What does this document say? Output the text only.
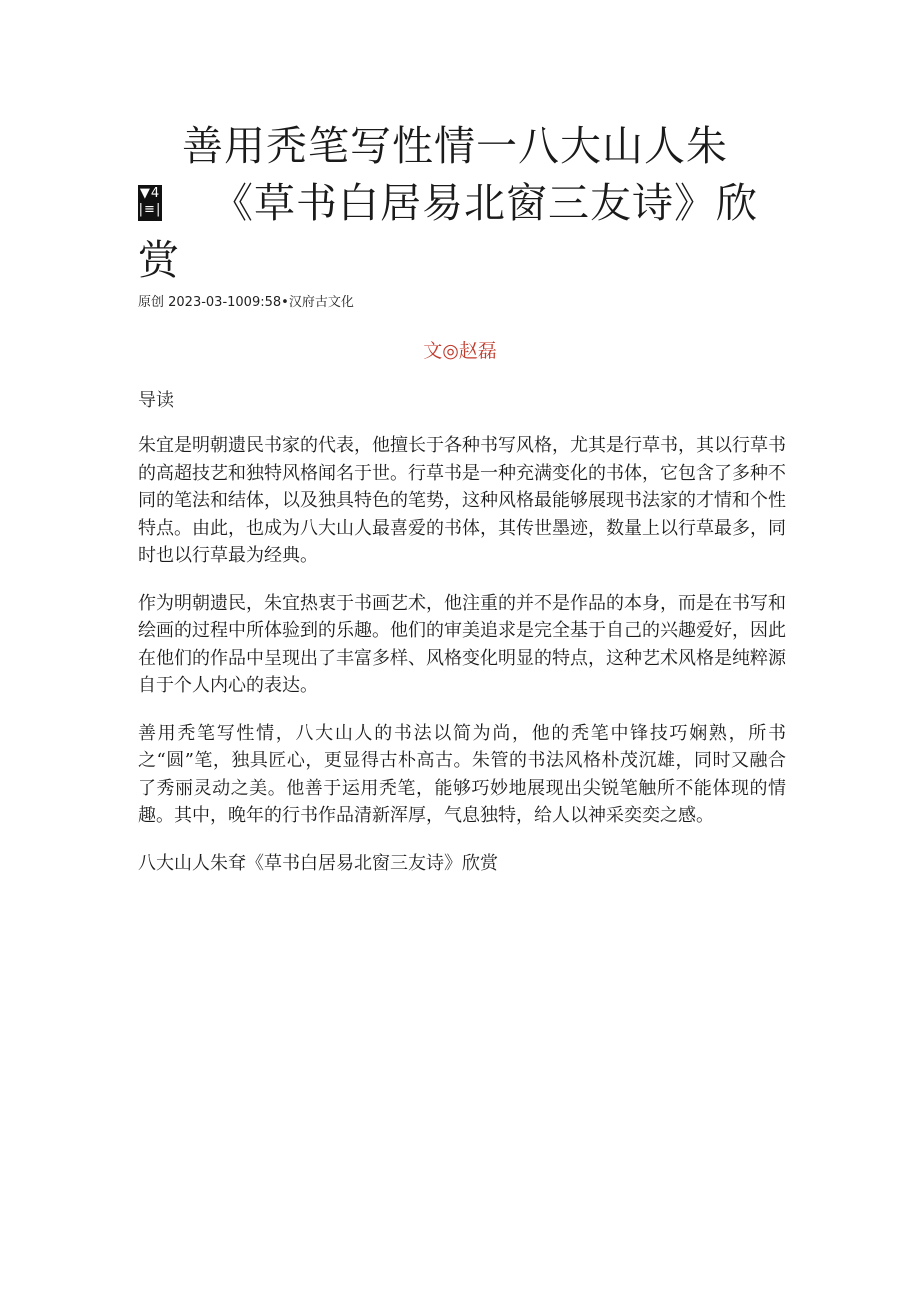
善用秃笔写性情一八大山人朱
▼4
|≡| 《草书白居易北窗三友诗》欣
赏
原创 2023-03-1009:58•汉府古文化
文◎赵磊
导读

朱宜是明朝遗民书家的代表，他擅长于各种书写风格，尤其是行草书，其以行草书的高超技艺和独特风格闻名于世。行草书是一种充满变化的书体，它包含了多种不同的笔法和结体，以及独具特色的笔势，这种风格最能够展现书法家的才情和个性特点。由此，也成为八大山人最喜爱的书体，其传世墨迹，数量上以行草最多，同时也以行草最为经典。

作为明朝遗民，朱宜热衷于书画艺术，他注重的并不是作品的本身，而是在书写和绘画的过程中所体验到的乐趣。他们的审美追求是完全基于自己的兴趣爱好，因此在他们的作品中呈现出了丰富多样、风格变化明显的特点，这种艺术风格是纯粹源自于个人内心的表达。

善用秃笔写性情，八大山人的书法以简为尚，他的秃笔中锋技巧娴熟，所书之“圆”笔，独具匠心，更显得古朴高古。朱管的书法风格朴茂沉雄，同时又融合了秀丽灵动之美。他善于运用秃笔，能够巧妙地展现出尖锐笔触所不能体现的情趣。其中，晚年的行书作品清新浑厚，气息独特，给人以神采奕奕之感。

八大山人朱耷《草书白居易北窗三友诗》欣赏
